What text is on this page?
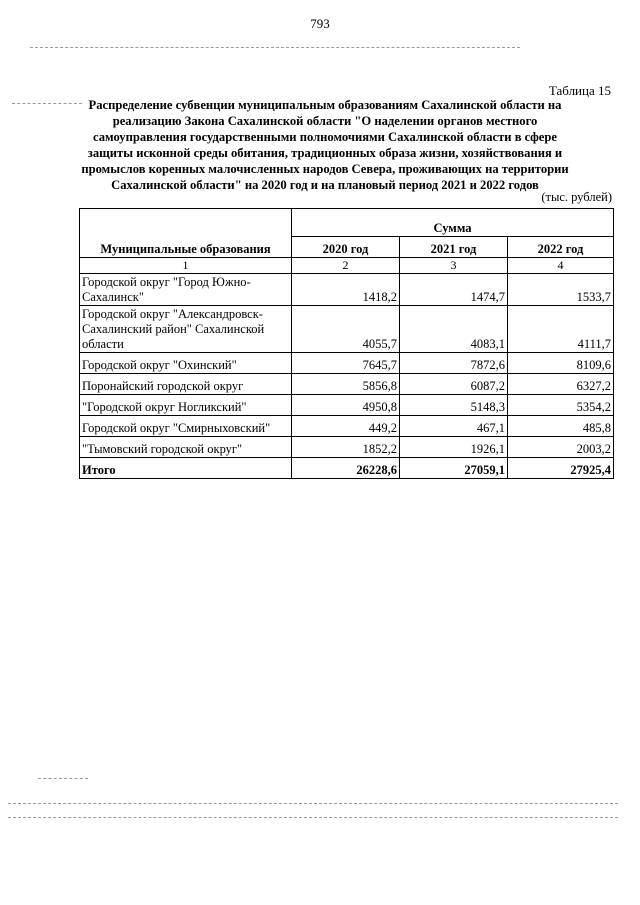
793
Таблица 15
Распределение субвенции муниципальным образованиям Сахалинской области на реализацию Закона Сахалинской области "О наделении органов местного самоуправления государственными полномочиями Сахалинской области в сфере защиты исконной среды обитания, традиционных образа жизни, хозяйствования и промыслов коренных малочисленных народов Севера, проживающих на территории Сахалинской области" на 2020 год и на плановый период 2021 и 2022 годов
(тыс. рублей)
Муниципальные образования	Сумма		
	2020 год	2021 год	2022 год
1	2	3	4
Городской округ "Город Южно-Сахалинск"	1418,2	1474,7	1533,7
Городской округ "Александровск-Сахалинский район" Сахалинской области	4055,7	4083,1	4111,7
Городской округ "Охинский"	7645,7	7872,6	8109,6
Поронайский городской округ	5856,8	6087,2	6327,2
"Городской округ Ногликский"	4950,8	5148,3	5354,2
Городской округ "Смирныховский"	449,2	467,1	485,8
"Тымовский городской округ"	1852,2	1926,1	2003,2
Итого	26228,6	27059,1	27925,4
